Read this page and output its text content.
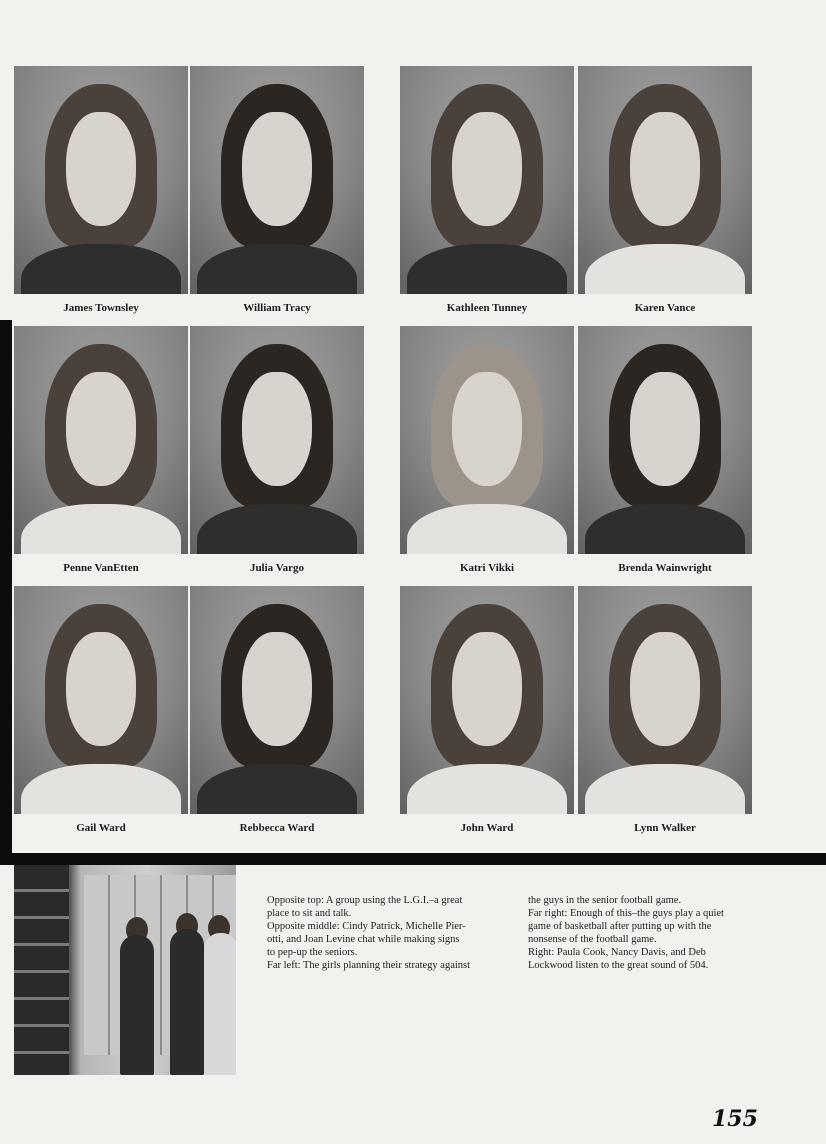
James Townsley	William Tracy	Kathleen Tunney	Karen Vance
Penne VanEtten	Julia Vargo	Katri Vikki	Brenda Wainwright
Gail Ward	Rebbecca Ward	John Ward	Lynn Walker
Opposite top: A group using the L.G.I.–a great
place to sit and talk.
Opposite middle: Cindy Patrick, Michelle Pier-
otti, and Joan Levine chat while making signs
to pep-up the seniors.
Far left: The girls planning their strategy against
the guys in the senior football game.
Far right: Enough of this–the guys play a quiet
game of basketball after putting up with the
nonsense of the football game.
Right: Paula Cook, Nancy Davis, and Deb
Lockwood listen to the great sound of 504.
155
